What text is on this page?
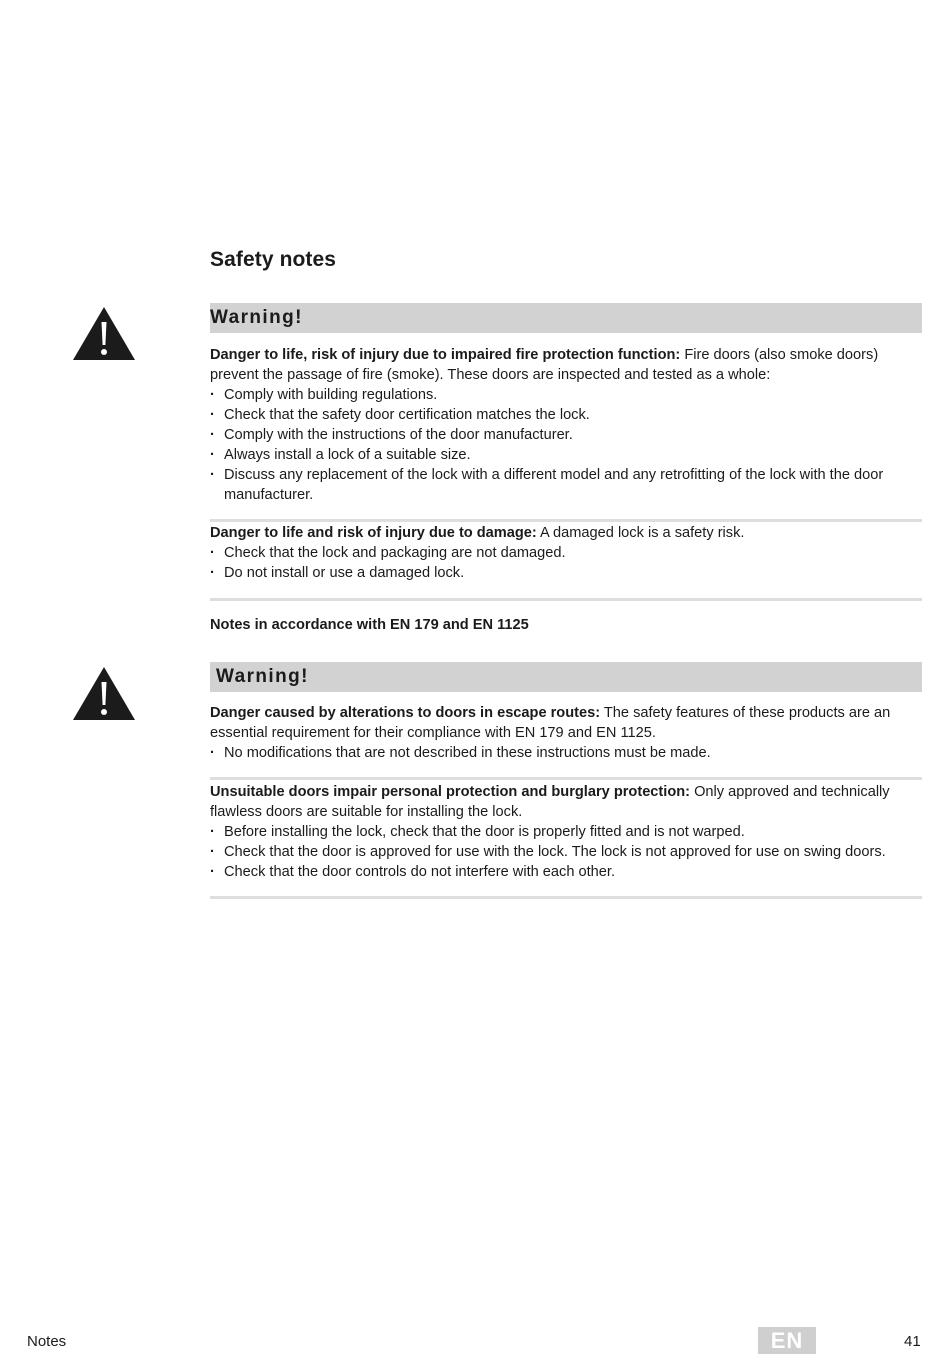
Safety notes
Warning!

Danger to life, risk of injury due to impaired fire protection function: Fire doors (also smoke doors) prevent the passage of fire (smoke). These doors are inspected and tested as a whole:

· Comply with building regulations.
· Check that the safety door certification matches the lock.
· Comply with the instructions of the door manufacturer.
· Always install a lock of a suitable size.
· Discuss any replacement of the lock with a different model and any retrofitting of the lock with the door manufacturer.

Danger to life and risk of injury due to damage: A damaged lock is a safety risk.

· Check that the lock and packaging are not damaged.
· Do not install or use a damaged lock.
Notes in accordance with EN 179 and EN 1125
Warning!

Danger caused by alterations to doors in escape routes: The safety features of these products are an essential requirement for their compliance with EN 179 and EN 1125.

· No modifications that are not described in these instructions must be made.

Unsuitable doors impair personal protection and burglary protection: Only approved and technically flawless doors are suitable for installing the lock.

· Before installing the lock, check that the door is properly fitted and is not warped.
· Check that the door is approved for use with the lock. The lock is not approved for use on swing doors.
· Check that the door controls do not interfere with each other.
Notes	EN	41
